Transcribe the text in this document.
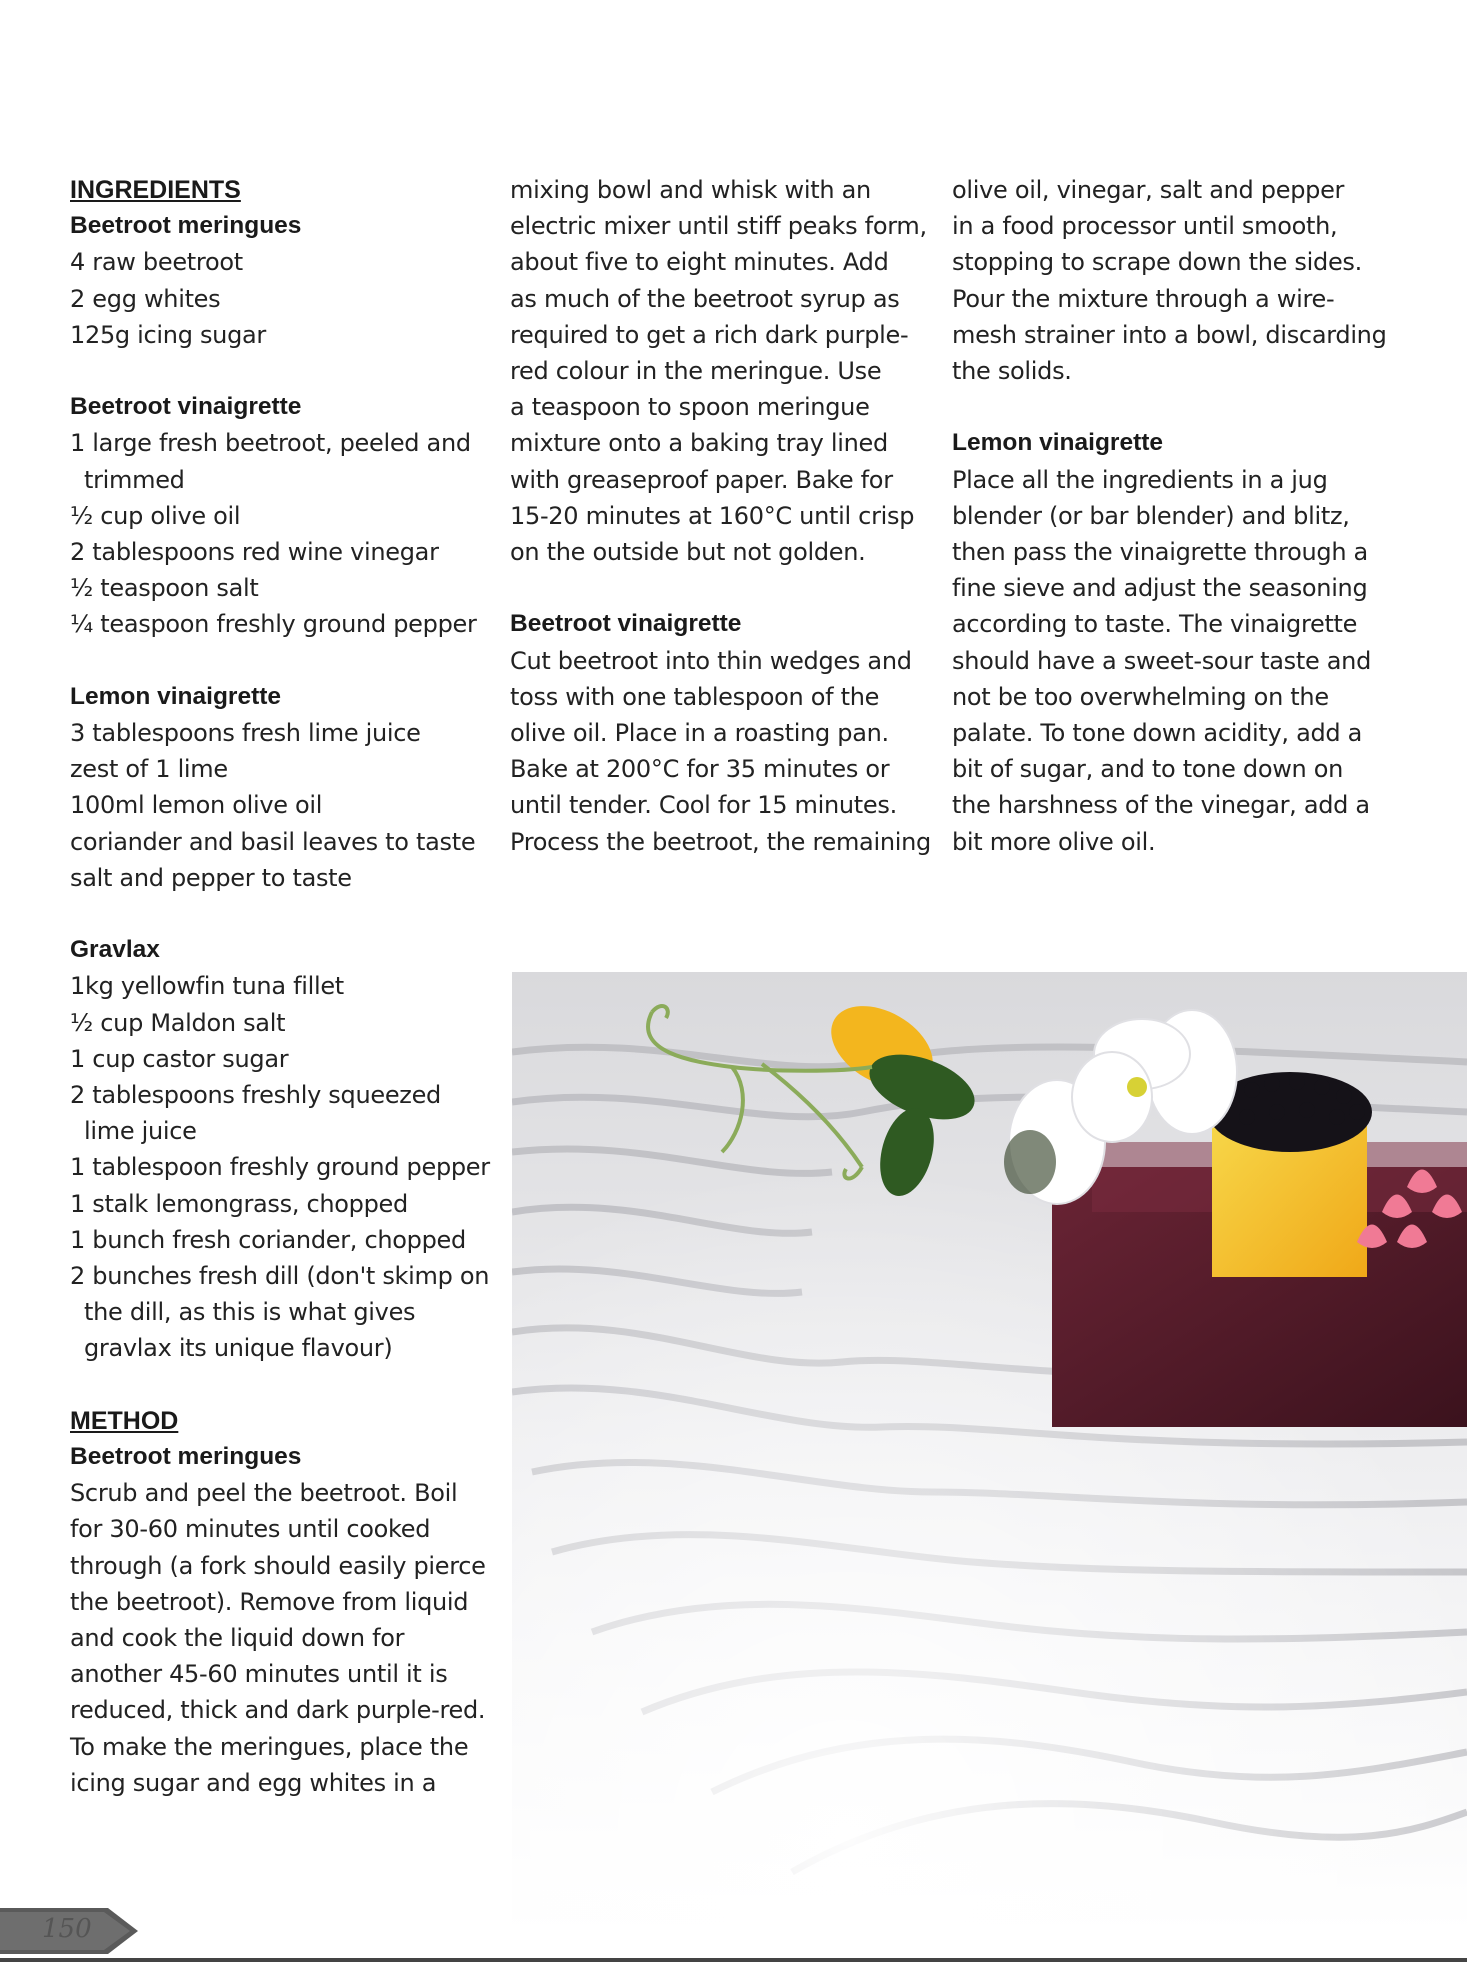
INGREDIENTS
Beetroot meringues
4 raw beetroot
2 egg whites
125g icing sugar
Beetroot vinaigrette
1 large fresh beetroot, peeled and
trimmed
½ cup olive oil
2 tablespoons red wine vinegar
½ teaspoon salt
¼ teaspoon freshly ground pepper
Lemon vinaigrette
3 tablespoons fresh lime juice
zest of 1 lime
100ml lemon olive oil
coriander and basil leaves to taste
salt and pepper to taste
Gravlax
1kg yellowfin tuna fillet
½ cup Maldon salt
1 cup castor sugar
2 tablespoons freshly squeezed
lime juice
1 tablespoon freshly ground pepper
1 stalk lemongrass, chopped
1 bunch fresh coriander, chopped
2 bunches fresh dill (don't skimp on
the dill, as this is what gives
gravlax its unique flavour)
METHOD
Beetroot meringues
Scrub and peel the beetroot. Boil
for 30-60 minutes until cooked
through (a fork should easily pierce
the beetroot). Remove from liquid
and cook the liquid down for
another 45-60 minutes until it is
reduced, thick and dark purple-red.
To make the meringues, place the
icing sugar and egg whites in a
mixing bowl and whisk with an
electric mixer until stiff peaks form,
about five to eight minutes. Add
as much of the beetroot syrup as
required to get a rich dark purple-
red colour in the meringue. Use
a teaspoon to spoon meringue
mixture onto a baking tray lined
with greaseproof paper. Bake for
15-20 minutes at 160°C until crisp
on the outside but not golden.
Beetroot vinaigrette
Cut beetroot into thin wedges and
toss with one tablespoon of the
olive oil. Place in a roasting pan.
Bake at 200°C for 35 minutes or
until tender. Cool for 15 minutes.
Process the beetroot, the remaining
olive oil, vinegar, salt and pepper
in a food processor until smooth,
stopping to scrape down the sides.
Pour the mixture through a wire-
mesh strainer into a bowl, discarding
the solids.
Lemon vinaigrette
Place all the ingredients in a jug
blender (or bar blender) and blitz,
then pass the vinaigrette through a
fine sieve and adjust the seasoning
according to taste. The vinaigrette
should have a sweet-sour taste and
not be too overwhelming on the
palate. To tone down acidity, add a
bit of sugar, and to tone down on
the harshness of the vinegar, add a
bit more olive oil.
150
